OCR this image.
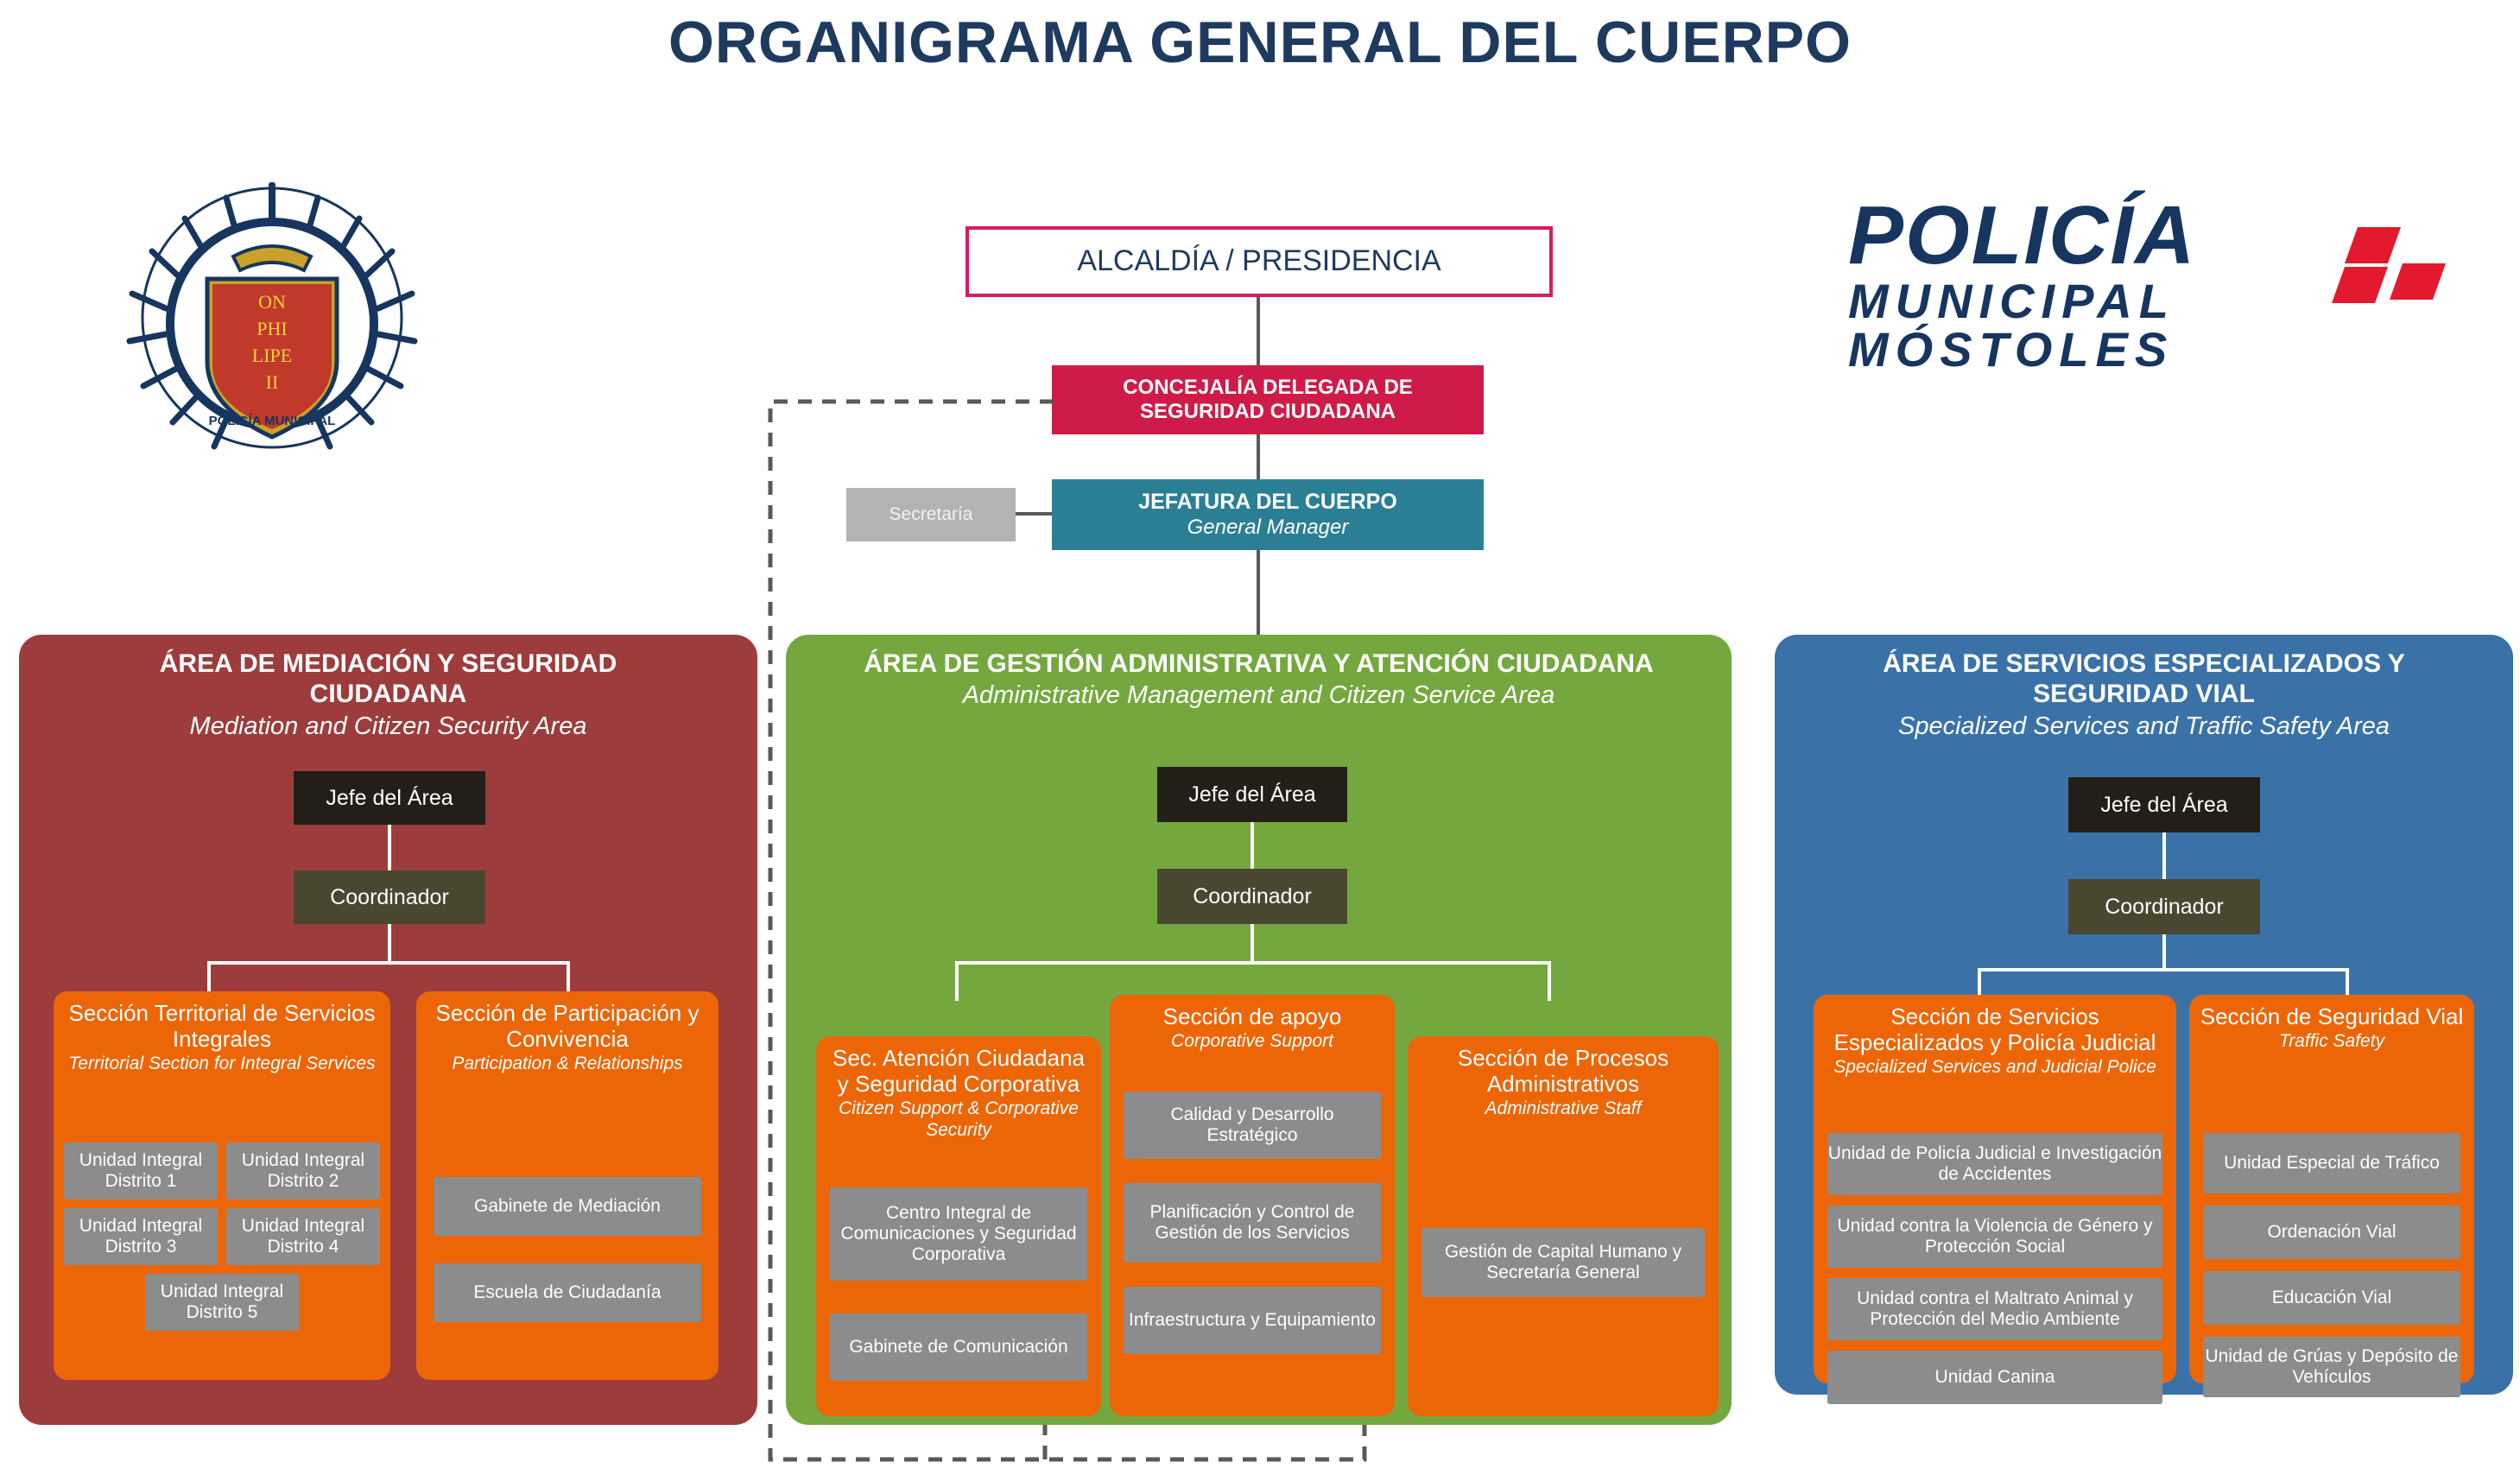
ORGANIGRAMA GENERAL DEL CUERPO
ON
PHI
LIPE
II
POLICÍA MUNICIPAL
POLICÍA
MUNICIPAL
MÓSTOLES
ALCALDÍA / PRESIDENCIA
CONCEJALÍA DELEGADA DE
SEGURIDAD CIUDADANA
Secretaría
JEFATURA DEL CUERPO
General Manager
ÁREA DE MEDIACIÓN Y SEGURIDAD
CIUDADANA
Mediation and Citizen Security Area
Jefe del Área
Coordinador
Sección Territorial de Servicios Integrales
Territorial Section for Integral Services
Unidad Integral Distrito 1
Unidad Integral Distrito 2
Unidad Integral Distrito 3
Unidad Integral Distrito 4
Unidad Integral Distrito 5
Sección de Participación y Convivencia
Participation & Relationships
Gabinete de Mediación
Escuela de Ciudadanía
ÁREA DE GESTIÓN ADMINISTRATIVA Y ATENCIÓN CIUDADANA
Administrative Management and Citizen Service Area
Jefe del Área
Coordinador
Sec. Atención Ciudadana y Seguridad Corporativa
Citizen Support & Corporative Security
Centro Integral de Comunicaciones y Seguridad Corporativa
Gabinete de Comunicación
Sección de apoyo
Corporative Support
Calidad y Desarrollo Estratégico
Planificación y Control de Gestión de los Servicios
Infraestructura y Equipamiento
Sección de Procesos Administrativos
Administrative Staff
Gestión de Capital Humano y Secretaría General
ÁREA DE SERVICIOS ESPECIALIZADOS Y
SEGURIDAD VIAL
Specialized Services and Traffic Safety Area
Jefe del Área
Coordinador
Sección de Servicios Especializados y Policía Judicial
Specialized Services and Judicial Police
Unidad de Policía Judicial e Investigación de Accidentes
Unidad contra la Violencia de Género y Protección Social
Unidad contra el Maltrato Animal y Protección del Medio Ambiente
Unidad Canina
Sección de Seguridad Vial
Traffic Safety
Unidad Especial de Tráfico
Ordenación Vial
Educación Vial
Unidad de Grúas y Depósito de Vehículos
